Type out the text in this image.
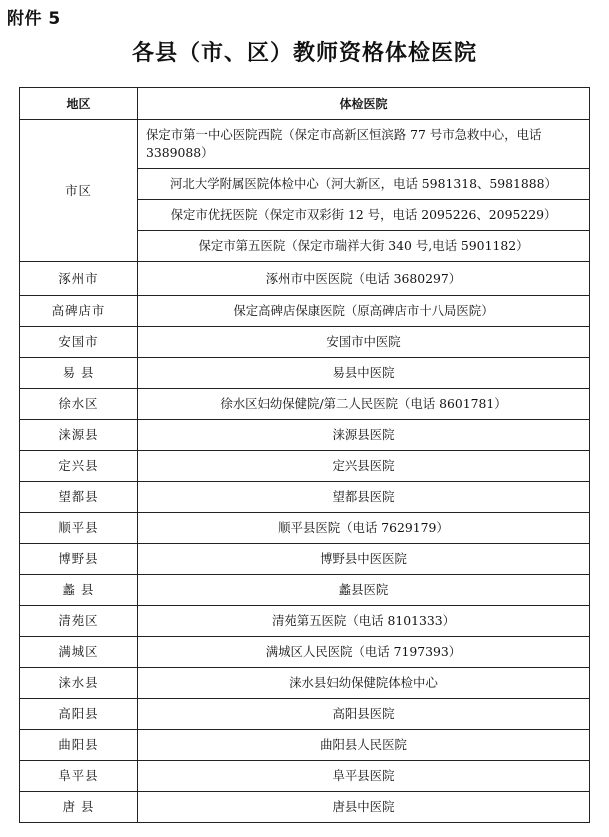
附件 5
各县（市、区）教师资格体检医院
地区	体检医院
市区	保定市第一中心医院西院（保定市高新区恒滨路 77 号市急救中心，电话 3389088）
	河北大学附属医院体检中心（河大新区，电话 5981318、5981888）
	保定市优抚医院（保定市双彩街 12 号，电话 2095226、2095229）
	保定市第五医院（保定市瑞祥大街 340 号,电话 5901182）
涿州市	涿州市中医医院（电话 3680297）
高碑店市	保定高碑店保康医院（原高碑店市十八局医院）
安国市	安国市中医院
易 县	易县中医院
徐水区	徐水区妇幼保健院/第二人民医院（电话 8601781）
涞源县	涞源县医院
定兴县	定兴县医院
望都县	望都县医院
顺平县	顺平县医院（电话 7629179）
博野县	博野县中医医院
蠡 县	蠡县医院
清苑区	清苑第五医院（电话 8101333）
满城区	满城区人民医院（电话 7197393）
涞水县	涞水县妇幼保健院体检中心
高阳县	高阳县医院
曲阳县	曲阳县人民医院
阜平县	阜平县医院
唐 县	唐县中医院
